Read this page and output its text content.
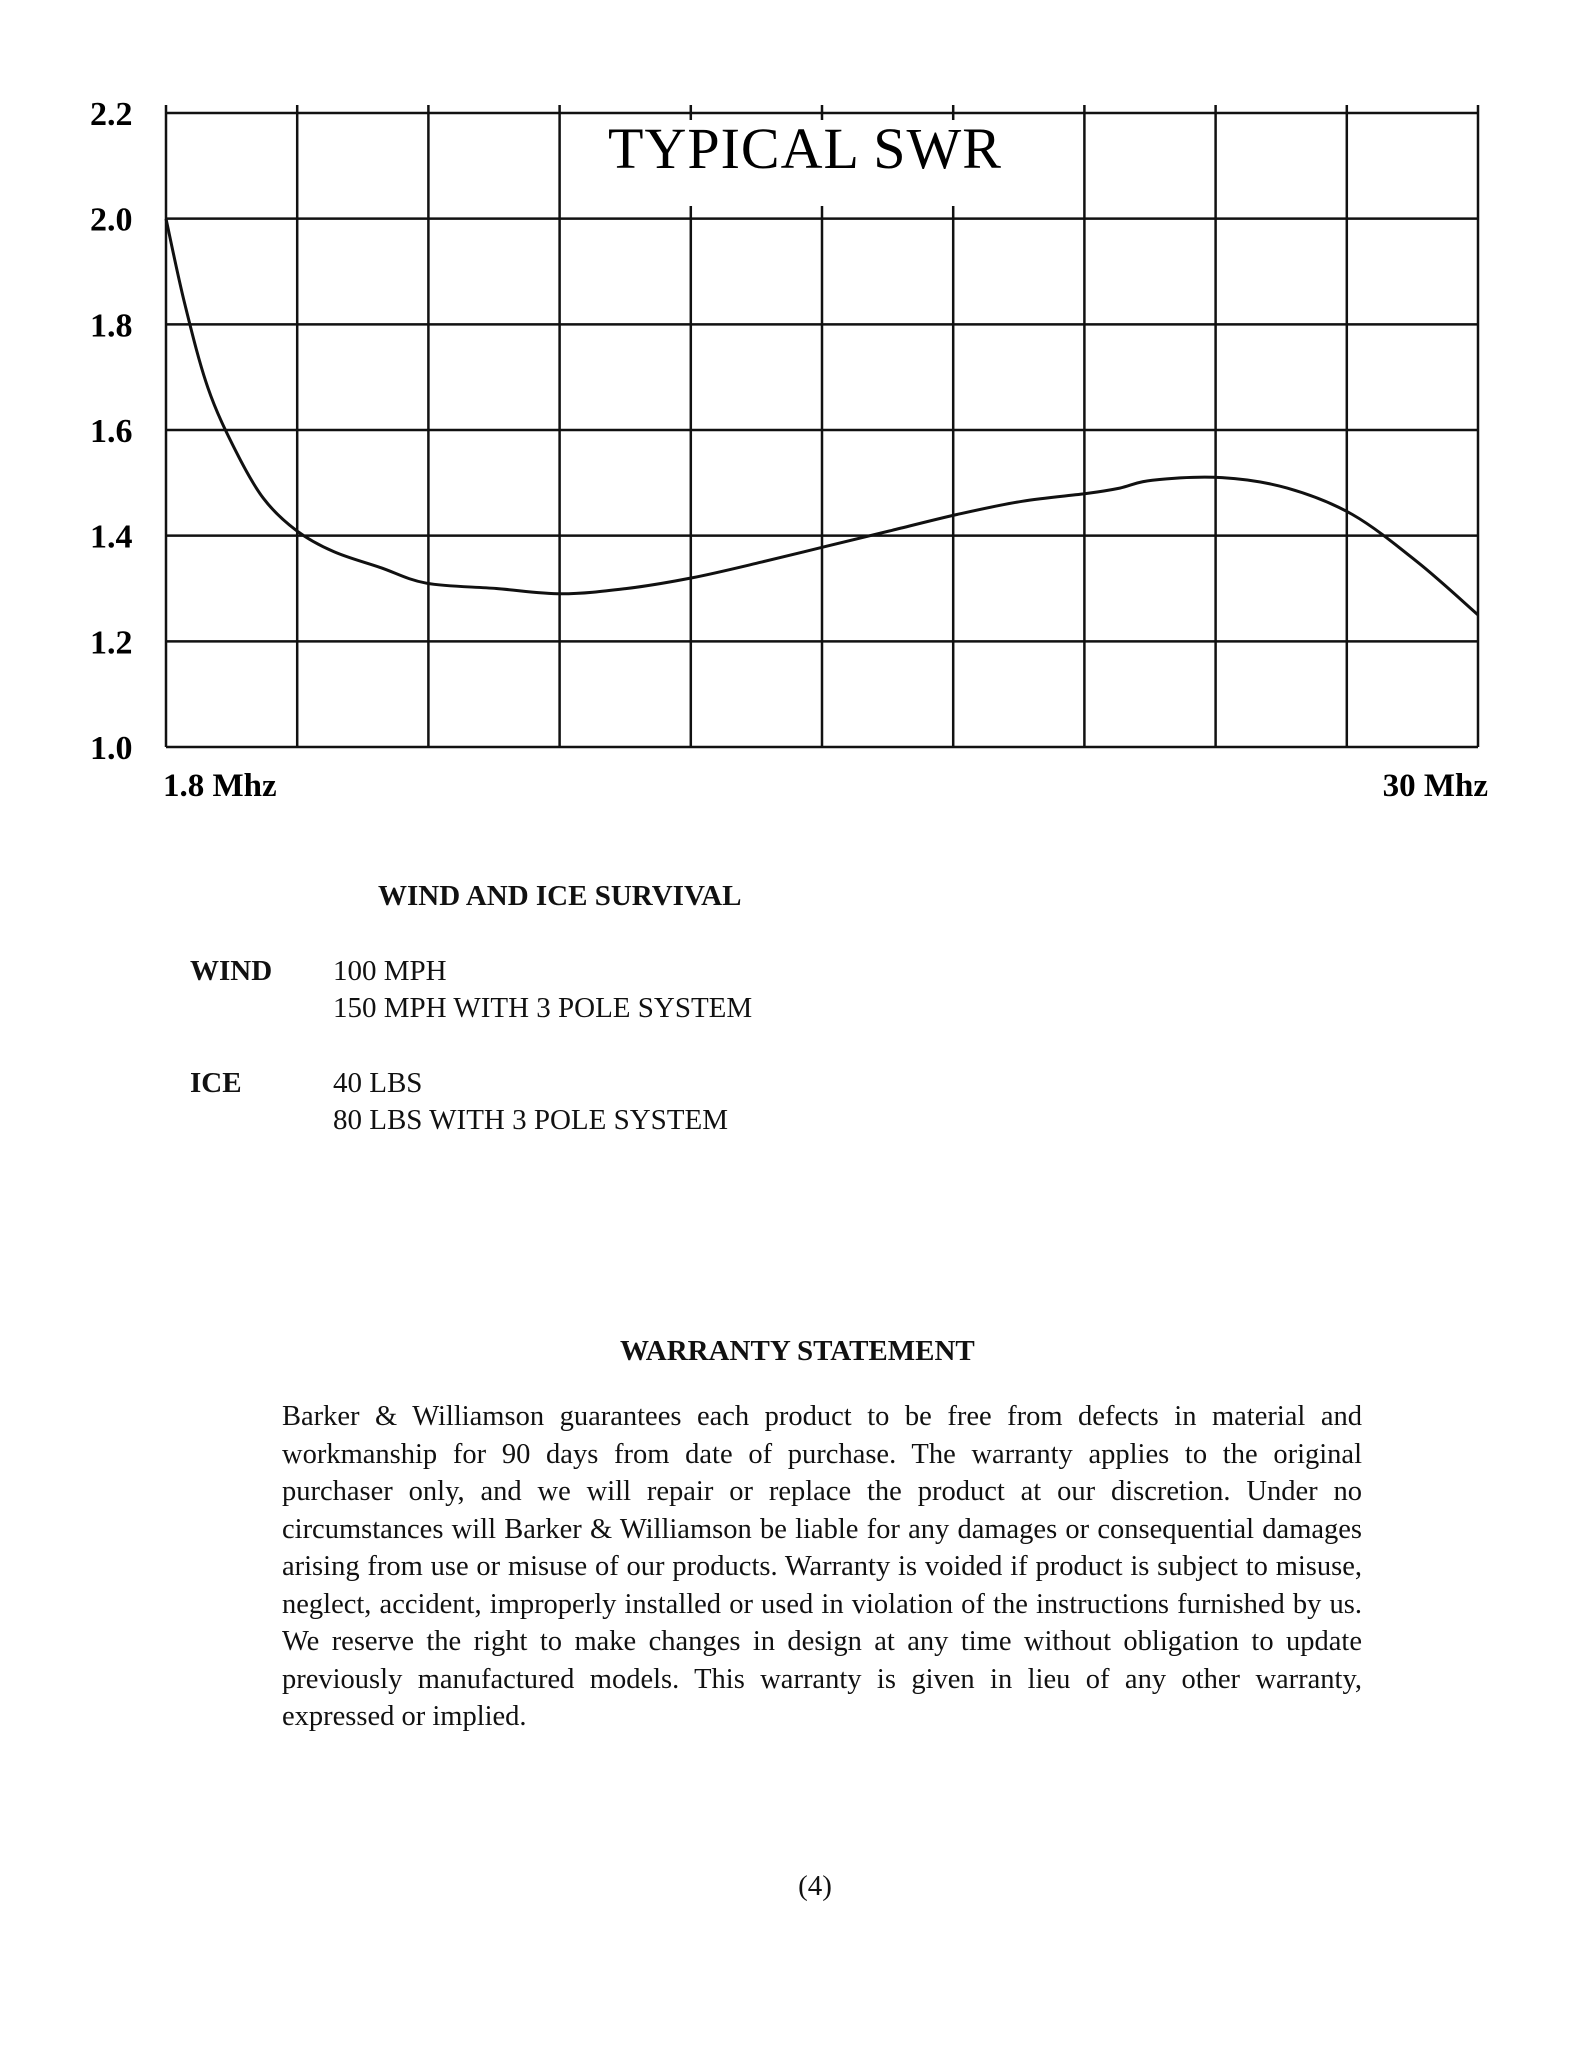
2.2
2.0
1.8
1.6
1.4
1.2
1.0
TYPICAL SWR
1.8 Mhz	30 Mhz
WIND AND ICE SURVIVAL
WIND 100 MPH
150 MPH WITH 3 POLE SYSTEM
ICE	40 LBS
80 LBS WITH 3 POLE SYSTEM
WARRANTY STATEMENT
Barker & Williamson guarantees each product to be free from defects in material and workmanship for 90 days from date of purchase. The warranty applies to the original purchaser only, and we will repair or replace the product at our discretion. Under no circumstances will Barker & Williamson be liable for any damages or consequential damages arising from use or misuse of our products. Warranty is voided if product is subject to misuse, neglect, accident, improperly installed or used in violation of the instructions furnished by us. We reserve the right to make changes in design at any time without obligation to update previously manufactured models. This warranty is given in lieu of any other warranty, expressed or implied.
(4)
